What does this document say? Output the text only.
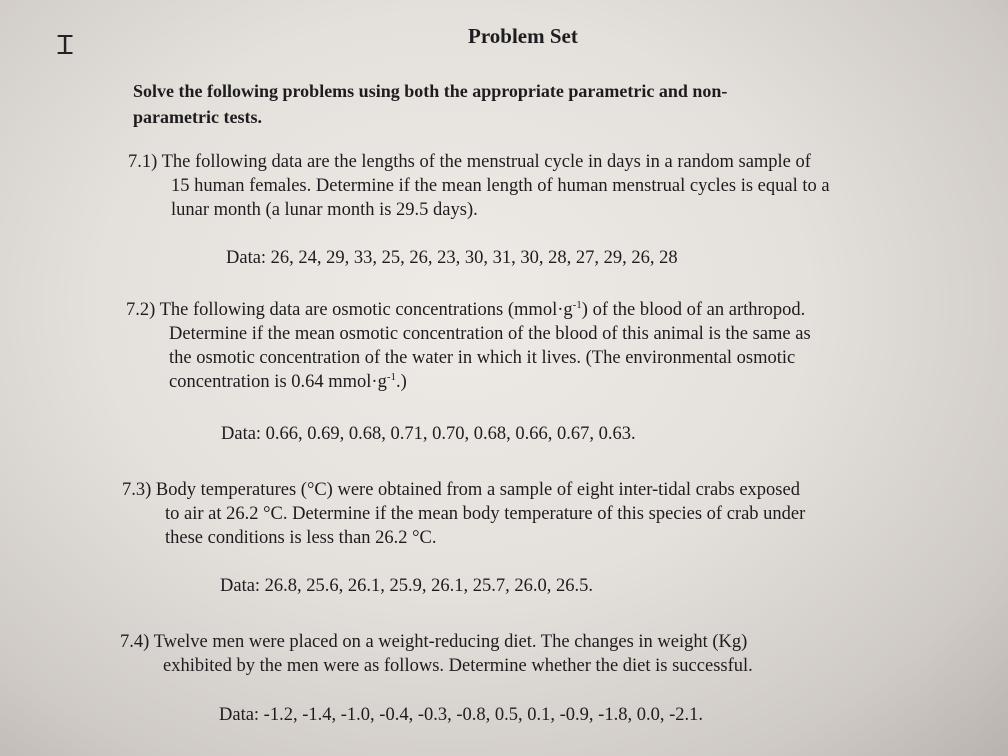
Ꮖ	Problem Set
Solve the following problems using both the appropriate parametric and non-
parametric tests.
7.1) The following data are the lengths of the menstrual cycle in days in a random sample of
15 human females. Determine if the mean length of human menstrual cycles is equal to a
lunar month (a lunar month is 29.5 days).
Data: 26, 24, 29, 33, 25, 26, 23, 30, 31, 30, 28, 27, 29, 26, 28
7.2) The following data are osmotic concentrations $(mmol\cdot g^{-1})$ of the blood of an arthropod.
Determine if the mean osmotic concentration of the blood of this animal is the same as
the osmotic concentration of the water in which it lives. (The environmental osmotic
concentration is 0.64 $mmol\cdot g^{-1}$.)
Data: 0.66, 0.69, 0.68, 0.71, 0.70, 0.68, 0.66, 0.67, 0.63.
7.3) Body temperatures (°C) were obtained from a sample of eight inter-tidal crabs exposed
to air at 26.2 °C. Determine if the mean body temperature of this species of crab under
these conditions is less than 26.2 °C.
Data: 26.8, 25.6, 26.1, 25.9, 26.1, 25.7, 26.0, 26.5.
7.4) Twelve men were placed on a weight-reducing diet. The changes in weight (Kg)
exhibited by the men were as follows. Determine whether the diet is successful.
Data: -1.2, -1.4, -1.0, -0.4, -0.3, -0.8, 0.5, 0.1, -0.9, -1.8, 0.0, -2.1.
